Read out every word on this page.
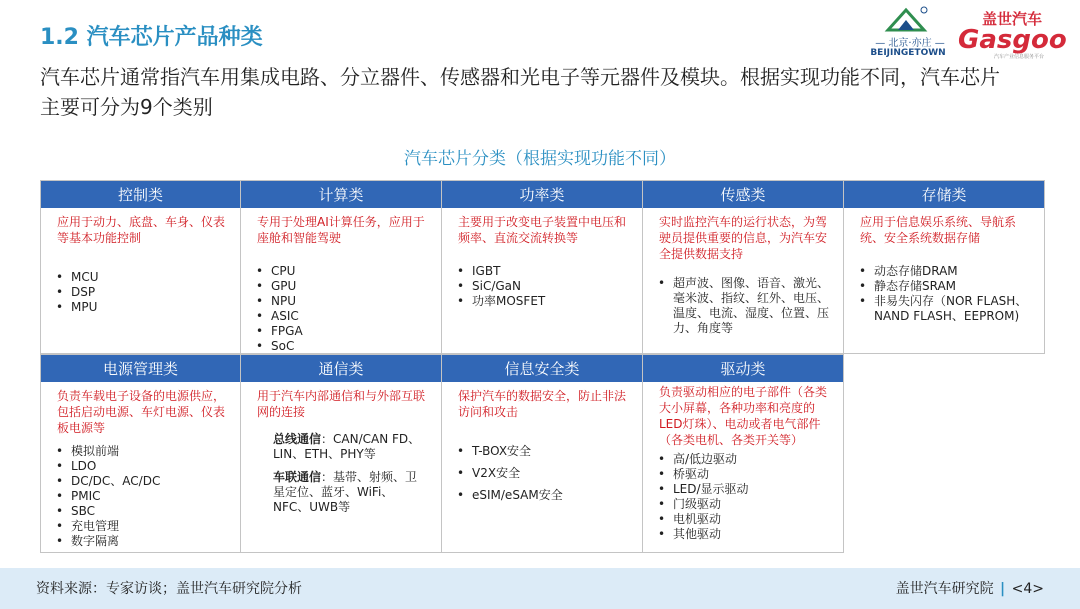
1.2 汽车芯片产品种类	— 北京·亦庄 —
BEIJINGETOWN
盖世汽车
Gasgoo
汽车产业信息服务平台
汽车芯片通常指汽车用集成电路、分立器件、传感器和光电子等元器件及模块。根据实现功能不同，汽车芯片
主要可分为9个类别
汽车芯片分类（根据实现功能不同）
控制类
应用于动力、底盘、车身、仪表等基本功能控制
• MCU
• DSP
• MPU
计算类
专用于处理AI计算任务，应用于座舱和智能驾驶
• CPU
• GPU
• NPU
• ASIC
• FPGA
• SoC
功率类
主要用于改变电子装置中电压和频率、直流交流转换等
• IGBT
• SiC/GaN
• 功率MOSFET
传感类
实时监控汽车的运行状态，为驾驶员提供重要的信息，为汽车安全提供数据支持
• 超声波、图像、语音、激光、毫米波、指纹、红外、电压、温度、电流、湿度、位置、压力、角度等
存储类
应用于信息娱乐系统、导航系统、安全系统数据存储
• 动态存储DRAM
• 静态存储SRAM
• 非易失闪存（NOR FLASH、NAND FLASH、EEPROM)
电源管理类
负责车载电子设备的电源供应，包括启动电源、车灯电源、仪表板电源等
• 模拟前端
• LDO
• DC/DC、AC/DC
• PMIC
• SBC
• 充电管理
• 数字隔离
通信类
用于汽车内部通信和与外部互联网的连接
总线通信：CAN/CAN FD、LIN、ETH、PHY等
车联通信：基带、射频、卫星定位、蓝牙、WiFi、NFC、UWB等
信息安全类
保护汽车的数据安全，防止非法访问和攻击
• T-BOX安全
• V2X安全
• eSIM/eSAM安全
驱动类
负责驱动相应的电子部件（各类大小屏幕，各种功率和亮度的LED灯珠）、电动或者电气部件（各类电机、各类开关等）
• 高/低边驱动
• 桥驱动
• LED/显示驱动
• 门级驱动
• 电机驱动
• 其他驱动
资料来源：专家访谈；盖世汽车研究院分析	盖世汽车研究院 | <4>
